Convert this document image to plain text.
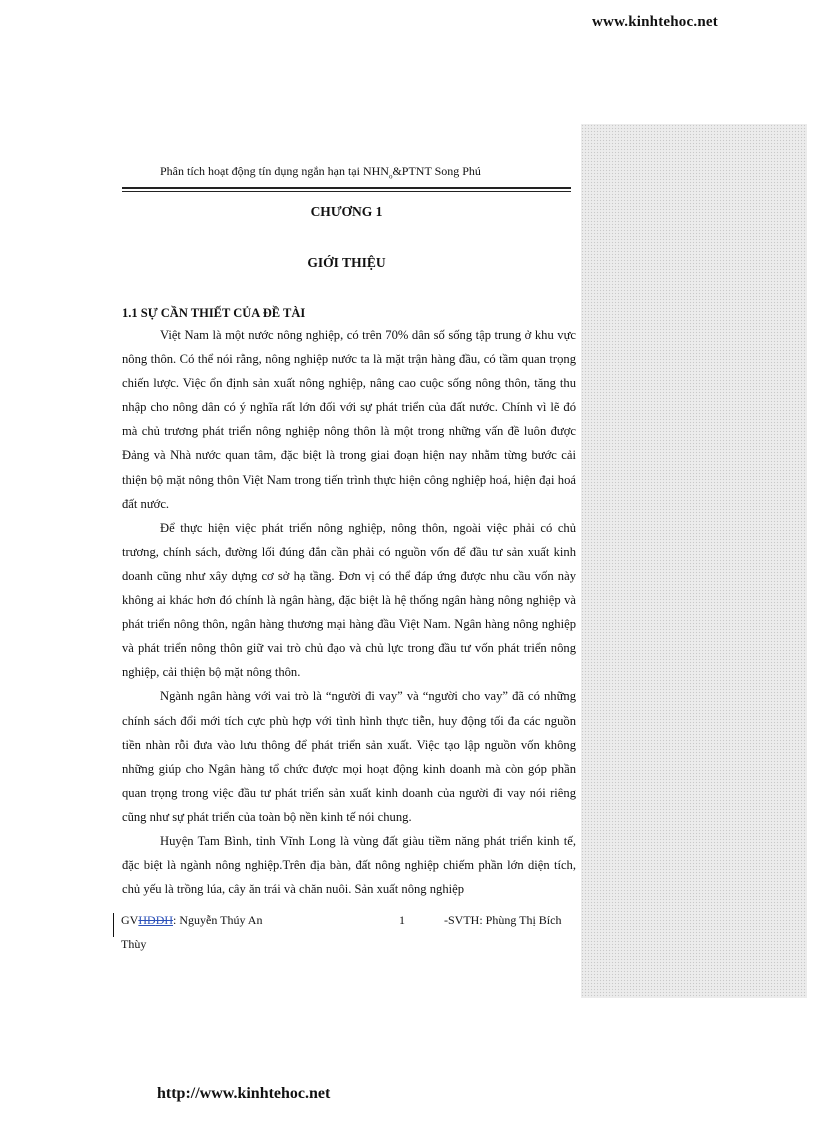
www.kinhtehoc.net
Phân tích hoạt động tín dụng ngắn hạn tại $NHN_o\&PTNT$ Song Phú
CHƯƠNG 1
GIỚI THIỆU
1.1 SỰ CẦN THIẾT CỦA ĐỀ TÀI

Việt Nam là một nước nông nghiệp, có trên 70% dân số sống tập trung ở khu vực nông thôn. Có thể nói rằng, nông nghiệp nước ta là mặt trận hàng đầu, có tầm quan trọng chiến lược. Việc ổn định sản xuất nông nghiệp, nâng cao cuộc sống nông thôn, tăng thu nhập cho nông dân có ý nghĩa rất lớn đối với sự phát triển của đất nước. Chính vì lẽ đó mà chủ trương phát triển nông nghiệp nông thôn là một trong những vấn đề luôn được Đảng và Nhà nước quan tâm, đặc biệt là trong giai đoạn hiện nay nhằm từng bước cải thiện bộ mặt nông thôn Việt Nam trong tiến trình thực hiện công nghiệp hoá, hiện đại hoá đất nước.

Để thực hiện việc phát triển nông nghiệp, nông thôn, ngoài việc phải có chủ trương, chính sách, đường lối đúng đắn cần phải có nguồn vốn để đầu tư sản xuất kinh doanh cũng như xây dựng cơ sở hạ tầng. Đơn vị có thể đáp ứng được nhu cầu vốn này không ai khác hơn đó chính là ngân hàng, đặc biệt là hệ thống ngân hàng nông nghiệp và phát triển nông thôn, ngân hàng thương mại hàng đầu Việt Nam. Ngân hàng nông nghiệp và phát triển nông thôn giữ vai trò chủ đạo và chủ lực trong đầu tư vốn phát triển nông nghiệp, cải thiện bộ mặt nông thôn.

Ngành ngân hàng với vai trò là “người đi vay” và “người cho vay” đã có những chính sách đổi mới tích cực phù hợp với tình hình thực tiễn, huy động tối đa các nguồn tiền nhàn rỗi đưa vào lưu thông để phát triển sản xuất. Việc tạo lập nguồn vốn không những giúp cho Ngân hàng tổ chức được mọi hoạt động kinh doanh mà còn góp phần quan trọng trong việc đầu tư phát triển sản xuất kinh doanh của người đi vay nói riêng cũng như sự phát triển của toàn bộ nền kinh tế nói chung.

Huyện Tam Bình, tỉnh Vĩnh Long là vùng đất giàu tiềm năng phát triển kinh tế, đặc biệt là ngành nông nghiệp.Trên địa bàn, đất nông nghiệp chiếm phần lớn diện tích, chủ yếu là trồng lúa, cây ăn trái và chăn nuôi. Sản xuất nông nghiệp

GVHDDH: Nguyễn Thúy An	1	-SVTH: Phùng Thị Bích
Thùy
http://www.kinhtehoc.net
